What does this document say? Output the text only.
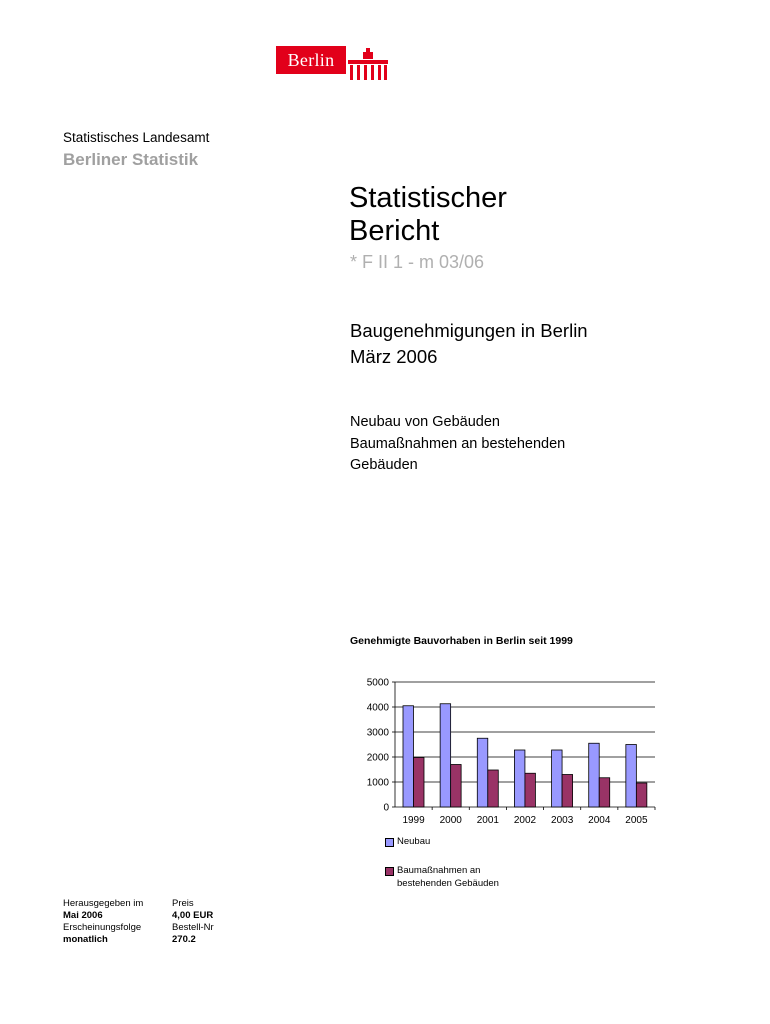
Berlin
Statistisches Landesamt
Berliner Statistik
Statistischer
Bericht
* F II 1 - m 03/06
Baugenehmigungen in Berlin
März 2006
Neubau von Gebäuden
Baumaßnahmen an bestehenden
Gebäuden
Genehmigte Bauvorhaben in Berlin seit 1999
0
1000
2000
3000
4000
5000
1999 2000 2001 2002 2003 2004 2005
Neubau
Baumaßnahmen an bestehenden Gebäuden
Herausgegeben im
Mai 2006
Erscheinungsfolge
monatlich
Preis
4,00 EUR
Bestell-Nr
270.2
